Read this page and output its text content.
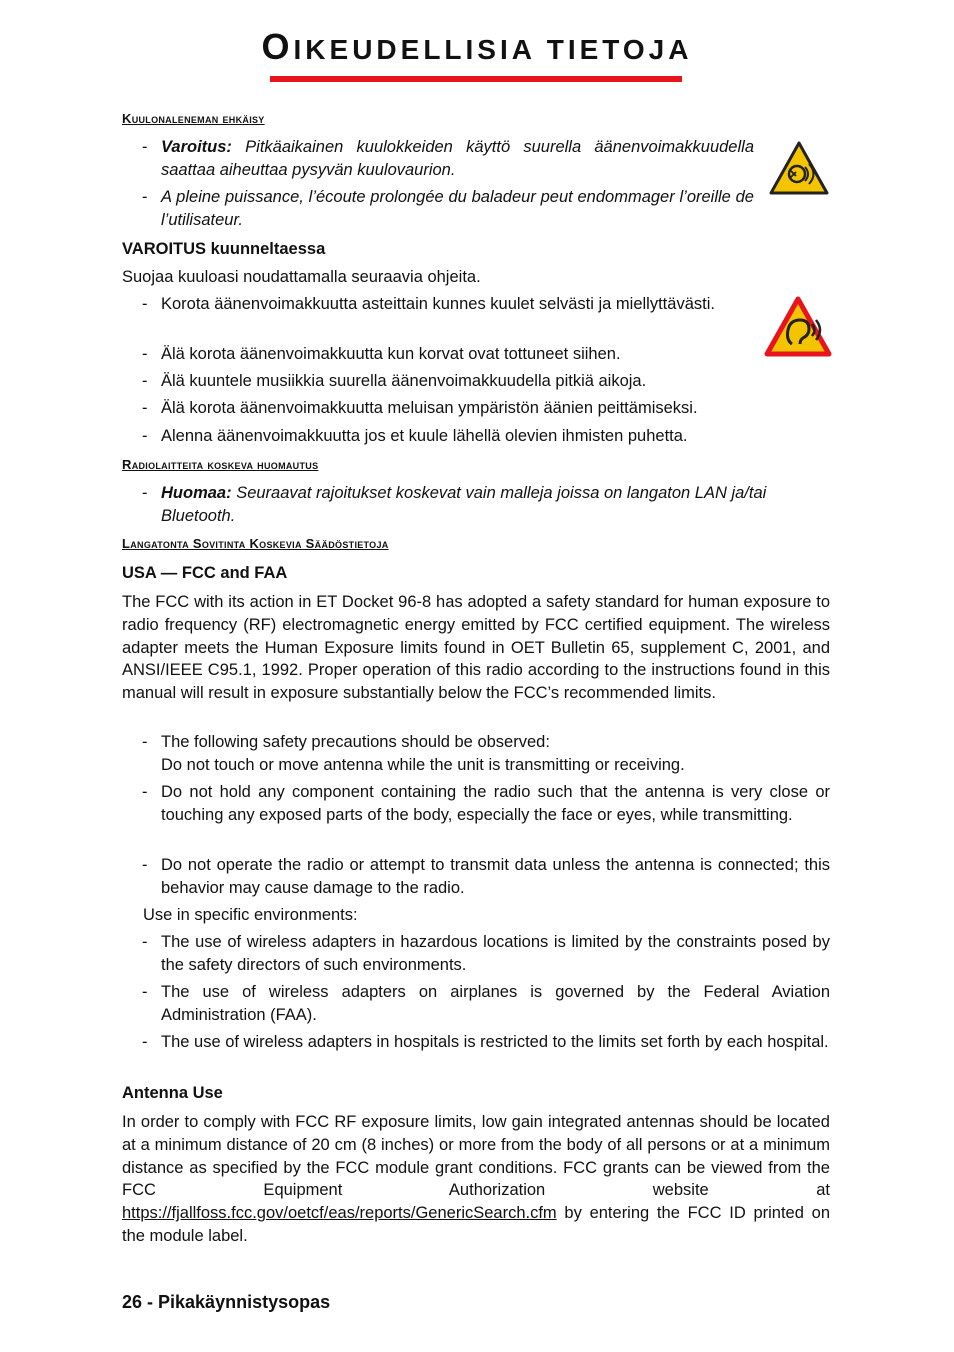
OIKEUDELLISIA TIETOJA
Kuulonaleneman ehkäisy
- Varoitus: Pitkäaikainen kuulokkeiden käyttö suurella äänenvoimakkuudella saattaa aiheuttaa pysyvän kuulovaurion.
- A pleine puissance, l’écoute prolongée du baladeur peut endommager l’oreille de l’utilisateur.
VAROITUS kuunneltaessa
Suojaa kuuloasi noudattamalla seuraavia ohjeita.
- Korota äänenvoimakkuutta asteittain kunnes kuulet selvästi ja miellyttävästi.
- Älä korota äänenvoimakkuutta kun korvat ovat tottuneet siihen.
- Älä kuuntele musiikkia suurella äänenvoimakkuudella pitkiä aikoja.
- Älä korota äänenvoimakkuutta meluisan ympäristön äänien peittämiseksi.
- Alenna äänenvoimakkuutta jos et kuule lähellä olevien ihmisten puhetta.
Radiolaitteita koskeva huomautus
- Huomaa: Seuraavat rajoitukset koskevat vain malleja joissa on langaton LAN ja/tai Bluetooth.
Langatonta Sovitinta Koskevia Säädöstietoja
USA — FCC and FAA
The FCC with its action in ET Docket 96-8 has adopted a safety standard for human exposure to radio frequency (RF) electromagnetic energy emitted by FCC certified equipment. The wireless adapter meets the Human Exposure limits found in OET Bulletin 65, supplement C, 2001, and ANSI/IEEE C95.1, 1992. Proper operation of this radio according to the instructions found in this manual will result in exposure substantially below the FCC’s recommended limits.
- The following safety precautions should be observed:
Do not touch or move antenna while the unit is transmitting or receiving.
- Do not hold any component containing the radio such that the antenna is very close or touching any exposed parts of the body, especially the face or eyes, while transmitting.
- Do not operate the radio or attempt to transmit data unless the antenna is connected; this behavior may cause damage to the radio.
Use in specific environments:
- The use of wireless adapters in hazardous locations is limited by the constraints posed by the safety directors of such environments.
- The use of wireless adapters on airplanes is governed by the Federal Aviation Administration (FAA).
- The use of wireless adapters in hospitals is restricted to the limits set forth by each hospital.
Antenna Use
In order to comply with FCC RF exposure limits, low gain integrated antennas should be located at a minimum distance of 20 cm (8 inches) or more from the body of all persons or at a minimum distance as specified by the FCC module grant conditions. FCC grants can be viewed from the FCC Equipment Authorization website at https://fjallfoss.fcc.gov/oetcf/eas/reports/GenericSearch.cfm by entering the FCC ID printed on the module label.
26 - Pikakäynnistysopas
